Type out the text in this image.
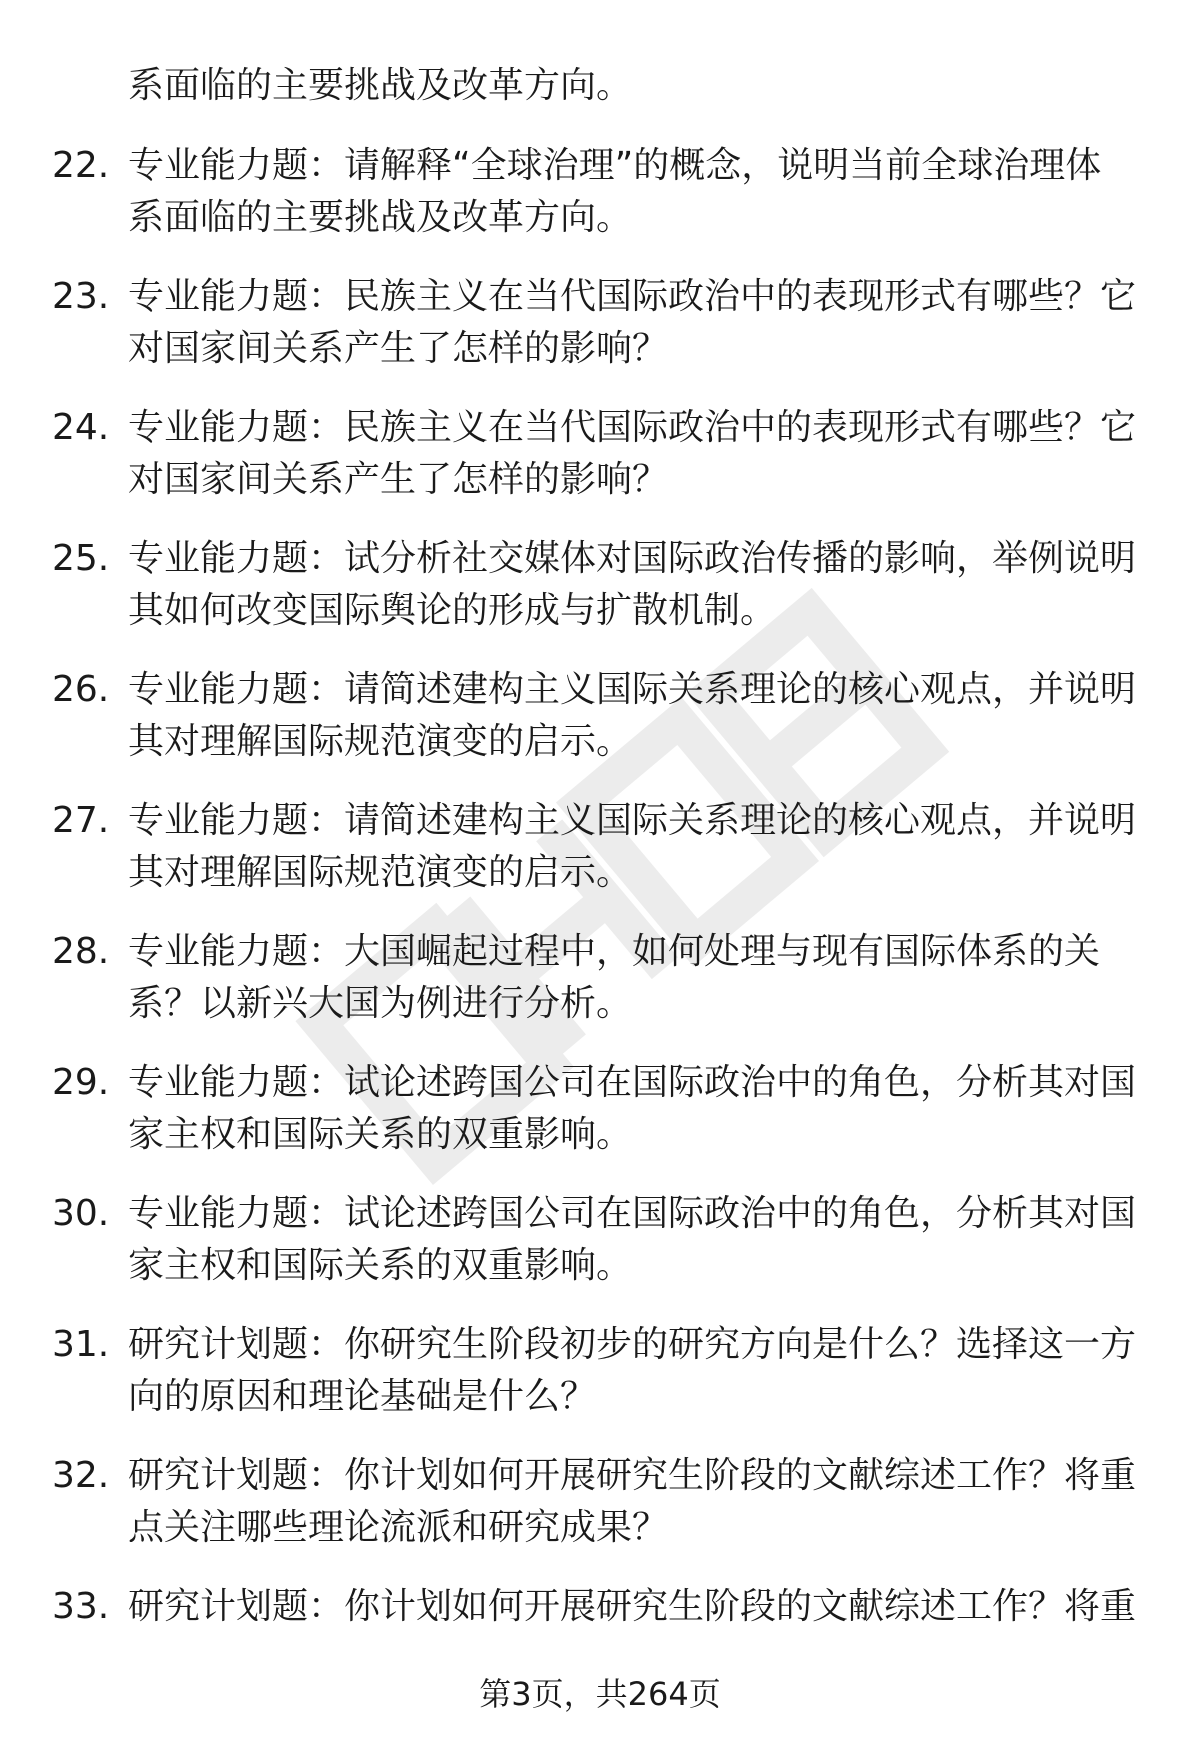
系面临的主要挑战及改革方向。
22. 专业能力题：请解释“全球治理”的概念，说明当前全球治理体
系面临的主要挑战及改革方向。
23. 专业能力题：民族主义在当代国际政治中的表现形式有哪些？它
对国家间关系产生了怎样的影响？
24. 专业能力题：民族主义在当代国际政治中的表现形式有哪些？它
对国家间关系产生了怎样的影响？
25. 专业能力题：试分析社交媒体对国际政治传播的影响，举例说明
其如何改变国际舆论的形成与扩散机制。
26. 专业能力题：请简述建构主义国际关系理论的核心观点，并说明
其对理解国际规范演变的启示。
27. 专业能力题：请简述建构主义国际关系理论的核心观点，并说明
其对理解国际规范演变的启示。
28. 专业能力题：大国崛起过程中，如何处理与现有国际体系的关
系？以新兴大国为例进行分析。
29. 专业能力题：试论述跨国公司在国际政治中的角色，分析其对国
家主权和国际关系的双重影响。
30. 专业能力题：试论述跨国公司在国际政治中的角色，分析其对国
家主权和国际关系的双重影响。
31. 研究计划题：你研究生阶段初步的研究方向是什么？选择这一方
向的原因和理论基础是什么？
32. 研究计划题：你计划如何开展研究生阶段的文献综述工作？将重
点关注哪些理论流派和研究成果？
33. 研究计划题：你计划如何开展研究生阶段的文献综述工作？将重
第3页，共264页
